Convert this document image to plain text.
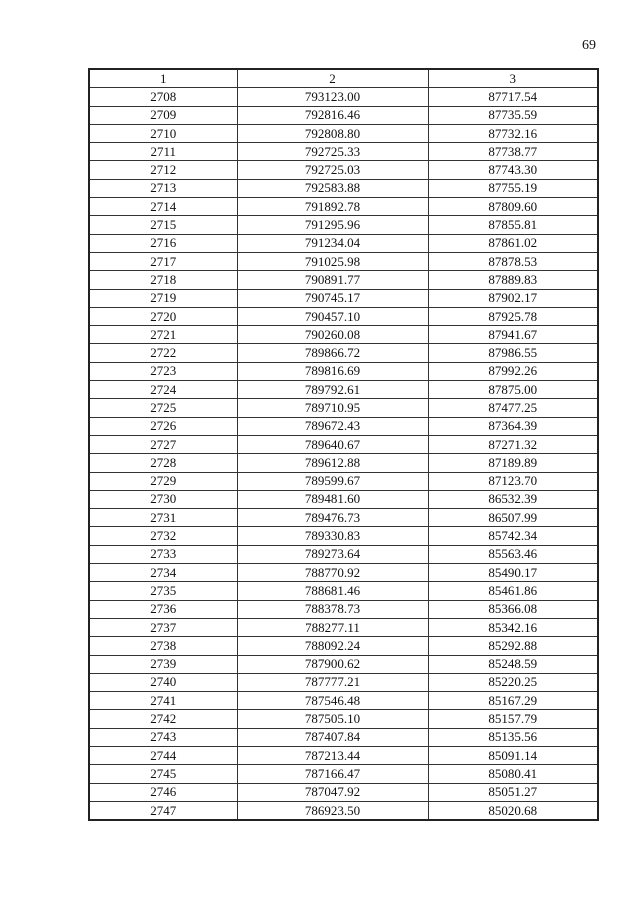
69
1	2	3
2708	793123.00	87717.54
2709	792816.46	87735.59
2710	792808.80	87732.16
2711	792725.33	87738.77
2712	792725.03	87743.30
2713	792583.88	87755.19
2714	791892.78	87809.60
2715	791295.96	87855.81
2716	791234.04	87861.02
2717	791025.98	87878.53
2718	790891.77	87889.83
2719	790745.17	87902.17
2720	790457.10	87925.78
2721	790260.08	87941.67
2722	789866.72	87986.55
2723	789816.69	87992.26
2724	789792.61	87875.00
2725	789710.95	87477.25
2726	789672.43	87364.39
2727	789640.67	87271.32
2728	789612.88	87189.89
2729	789599.67	87123.70
2730	789481.60	86532.39
2731	789476.73	86507.99
2732	789330.83	85742.34
2733	789273.64	85563.46
2734	788770.92	85490.17
2735	788681.46	85461.86
2736	788378.73	85366.08
2737	788277.11	85342.16
2738	788092.24	85292.88
2739	787900.62	85248.59
2740	787777.21	85220.25
2741	787546.48	85167.29
2742	787505.10	85157.79
2743	787407.84	85135.56
2744	787213.44	85091.14
2745	787166.47	85080.41
2746	787047.92	85051.27
2747	786923.50	85020.68
